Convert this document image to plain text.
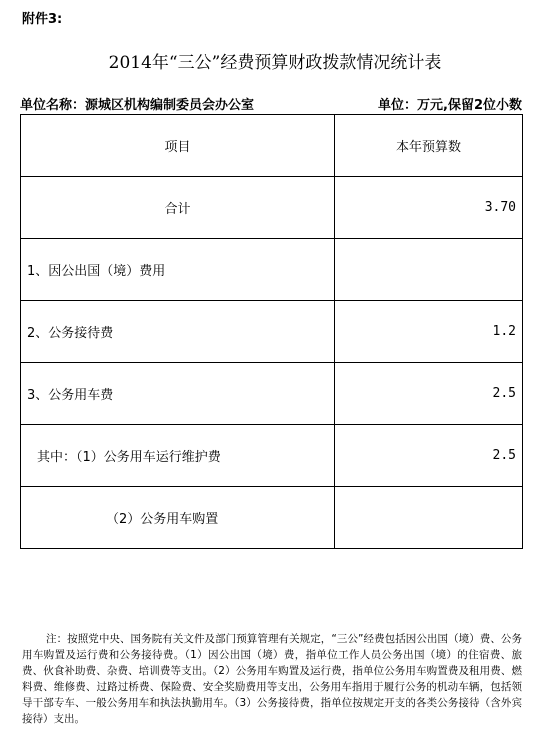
附件3:
2014年“三公”经费预算财政拨款情况统计表
单位名称：源城区机构编制委员会办公室	单位：万元,保留2位小数
项目	本年预算数
合计	3.70
1、因公出国（境）费用	
2、公务接待费	1.2
3、公务用车费	2.5
其中：（1）公务用车运行维护费	2.5
（2）公务用车购置	
注：按照党中央、国务院有关文件及部门预算管理有关规定，“三公”经费包括因公出国（境）费、公务用车购置及运行费和公务接待费。（1）因公出国（境）费，指单位工作人员公务出国（境）的住宿费、旅费、伙食补助费、杂费、培训费等支出。（2）公务用车购置及运行费，指单位公务用车购置费及租用费、燃料费、维修费、过路过桥费、保险费、安全奖励费用等支出，公务用车指用于履行公务的机动车辆，包括领导干部专车、一般公务用车和执法执勤用车。（3）公务接待费，指单位按规定开支的各类公务接待（含外宾接待）支出。
